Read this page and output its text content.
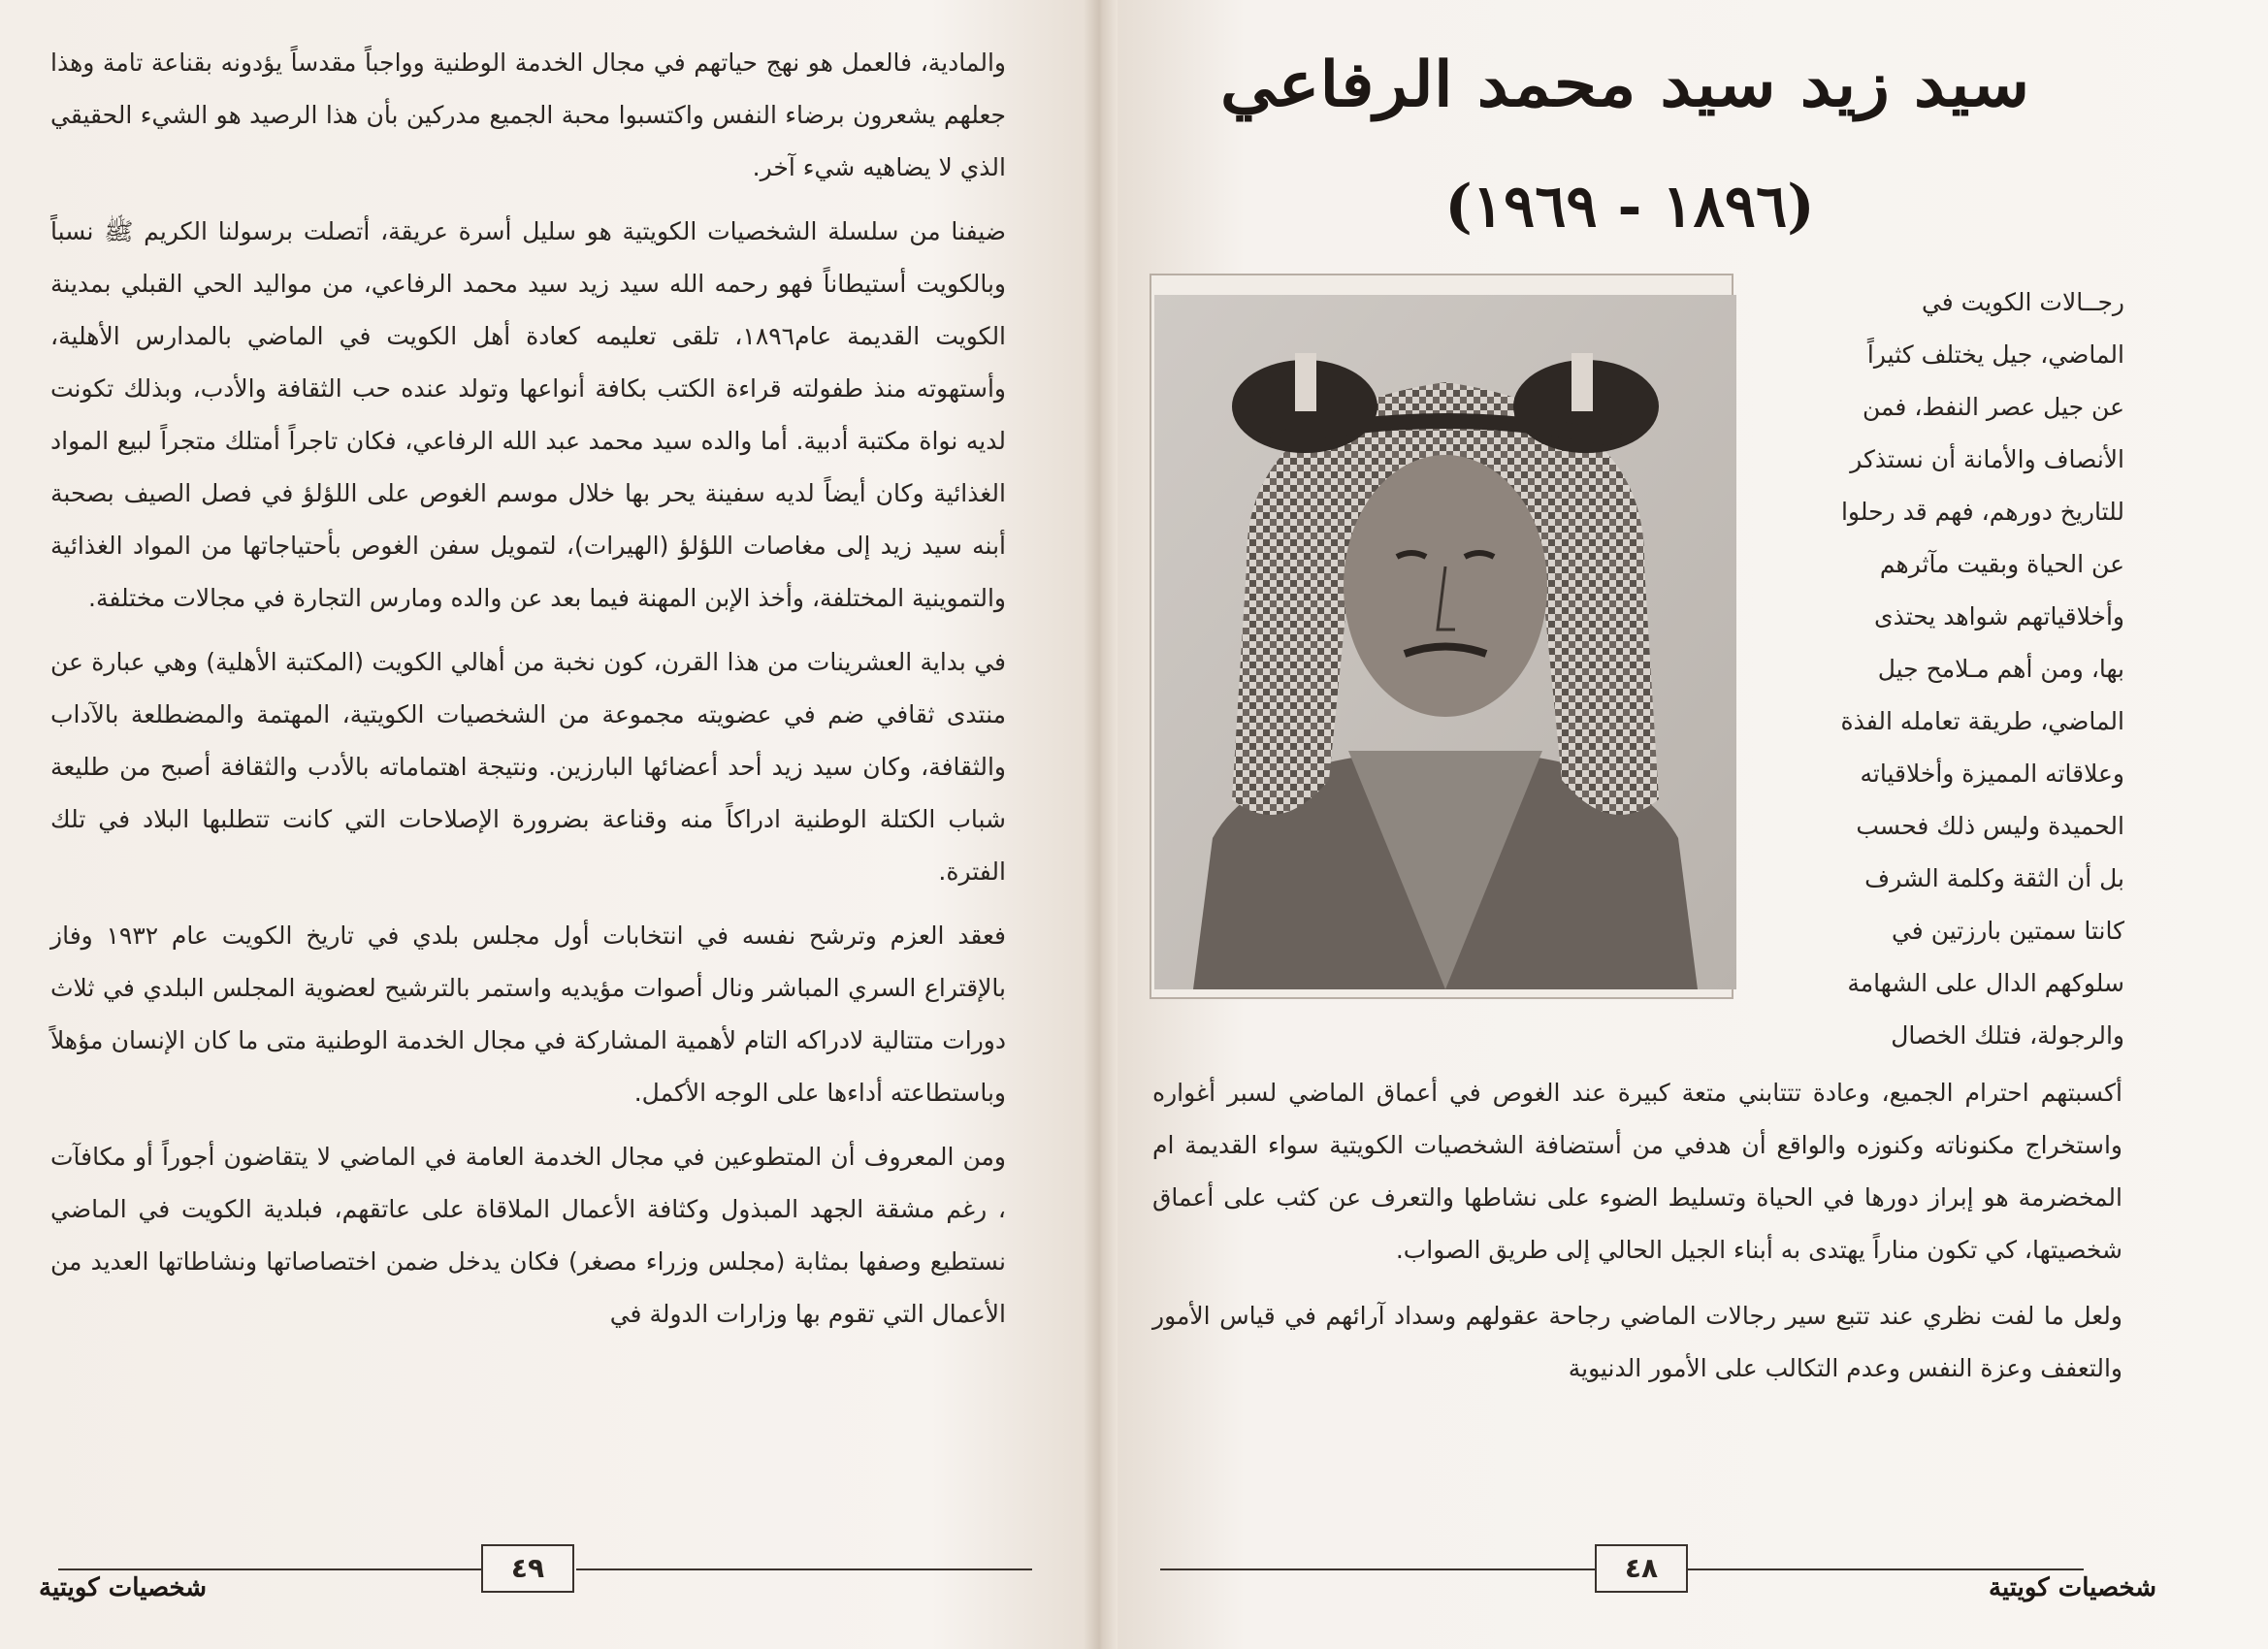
والمادية، فالعمل هو نهج حياتهم في مجال الخدمة الوطنية وواجباً مقدساً يؤدونه بقناعة تامة وهذا جعلهم يشعرون برضاء النفس واكتسبوا محبة الجميع مدركين بأن هذا الرصيد هو الشيء الحقيقي الذي لا يضاهيه شيء آخر.

ضيفنا من سلسلة الشخصيات الكويتية هو سليل أسرة عريقة، أتصلت برسولنا الكريم ﷺ نسباً وبالكويت أستيطاناً فهو رحمه الله سيد زيد سيد محمد الرفاعي، من مواليد الحي القبلي بمدينة الكويت القديمة عام١٨٩٦، تلقى تعليمه كعادة أهل الكويت في الماضي بالمدارس الأهلية، وأستهوته منذ طفولته قراءة الكتب بكافة أنواعها وتولد عنده حب الثقافة والأدب، وبذلك تكونت لديه نواة مكتبة أدبية. أما والده سيد محمد عبد الله الرفاعي، فكان تاجراً أمتلك متجراً لبيع المواد الغذائية وكان أيضاً لديه سفينة يحر بها خلال موسم الغوص على اللؤلؤ في فصل الصيف بصحبة أبنه سيد زيد إلى مغاصات اللؤلؤ (الهيرات)، لتمويل سفن الغوص بأحتياجاتها من المواد الغذائية والتموينية المختلفة، وأخذ الإبن المهنة فيما بعد عن والده ومارس التجارة في مجالات مختلفة.

في بداية العشرينات من هذا القرن، كون نخبة من أهالي الكويت (المكتبة الأهلية) وهي عبارة عن منتدى ثقافي ضم في عضويته مجموعة من الشخصيات الكويتية، المهتمة والمضطلعة بالآداب والثقافة، وكان سيد زيد أحد أعضائها البارزين. ونتيجة اهتماماته بالأدب والثقافة أصبح من طليعة شباب الكتلة الوطنية ادراكاً منه وقناعة بضرورة الإصلاحات التي كانت تتطلبها البلاد في تلك الفترة.

فعقد العزم وترشح نفسه في انتخابات أول مجلس بلدي في تاريخ الكويت عام ١٩٣٢ وفاز بالإقتراع السري المباشر ونال أصوات مؤيديه واستمر بالترشيح لعضوية المجلس البلدي في ثلاث دورات متتالية لادراكه التام لأهمية المشاركة في مجال الخدمة الوطنية متى ما كان الإنسان مؤهلاً وباستطاعته أداءها على الوجه الأكمل.

ومن المعروف أن المتطوعين في مجال الخدمة العامة في الماضي لا يتقاضون أجوراً أو مكافآت ، رغم مشقة الجهد المبذول وكثافة الأعمال الملاقاة على عاتقهم، فبلدية الكويت في الماضي نستطيع وصفها بمثابة (مجلس وزراء مصغر) فكان يدخل ضمن اختصاصاتها ونشاطاتها العديد من الأعمال التي تقوم بها وزارات الدولة في

سيد زيد سيد محمد الرفاعي
(١٨٩٦ - ١٩٦٩)
رجــالات الكويت في
الماضي، جيل يختلف كثيراً
عن جيل عصر النفط، فمن
الأنصاف والأمانة أن نستذكر
للتاريخ دورهم، فهم قد رحلوا
عن الحياة وبقيت مآثرهم
وأخلاقياتهم شواهد يحتذى
بها، ومن أهم مـلامح جيل
الماضي، طريقة تعامله الفذة
وعلاقاته المميزة وأخلاقياته
الحميدة وليس ذلك فحسب
بل أن الثقة وكلمة الشرف
كانتا سمتين بارزتين في
سلوكهم الدال على الشهامة
والرجولة، فتلك الخصال

أكسبتهم احترام الجميع، وعادة تتتابني متعة كبيرة عند الغوص في أعماق الماضي لسبر أغواره واستخراج مكنوناته وكنوزه والواقع أن هدفي من أستضافة الشخصيات الكويتية سواء القديمة ام المخضرمة هو إبراز دورها في الحياة وتسليط الضوء على نشاطها والتعرف عن كثب على أعماق شخصيتها، كي تكون مناراً يهتدى به أبناء الجيل الحالي إلى طريق الصواب.

ولعل ما لفت نظري عند تتبع سير رجالات الماضي رجاحة عقولهم وسداد آرائهم في قياس الأمور والتعفف وعزة النفس وعدم التكالب على الأمور الدنيوية

٤٩
شخصيات كويتية
٤٨
شخصيات كويتية
